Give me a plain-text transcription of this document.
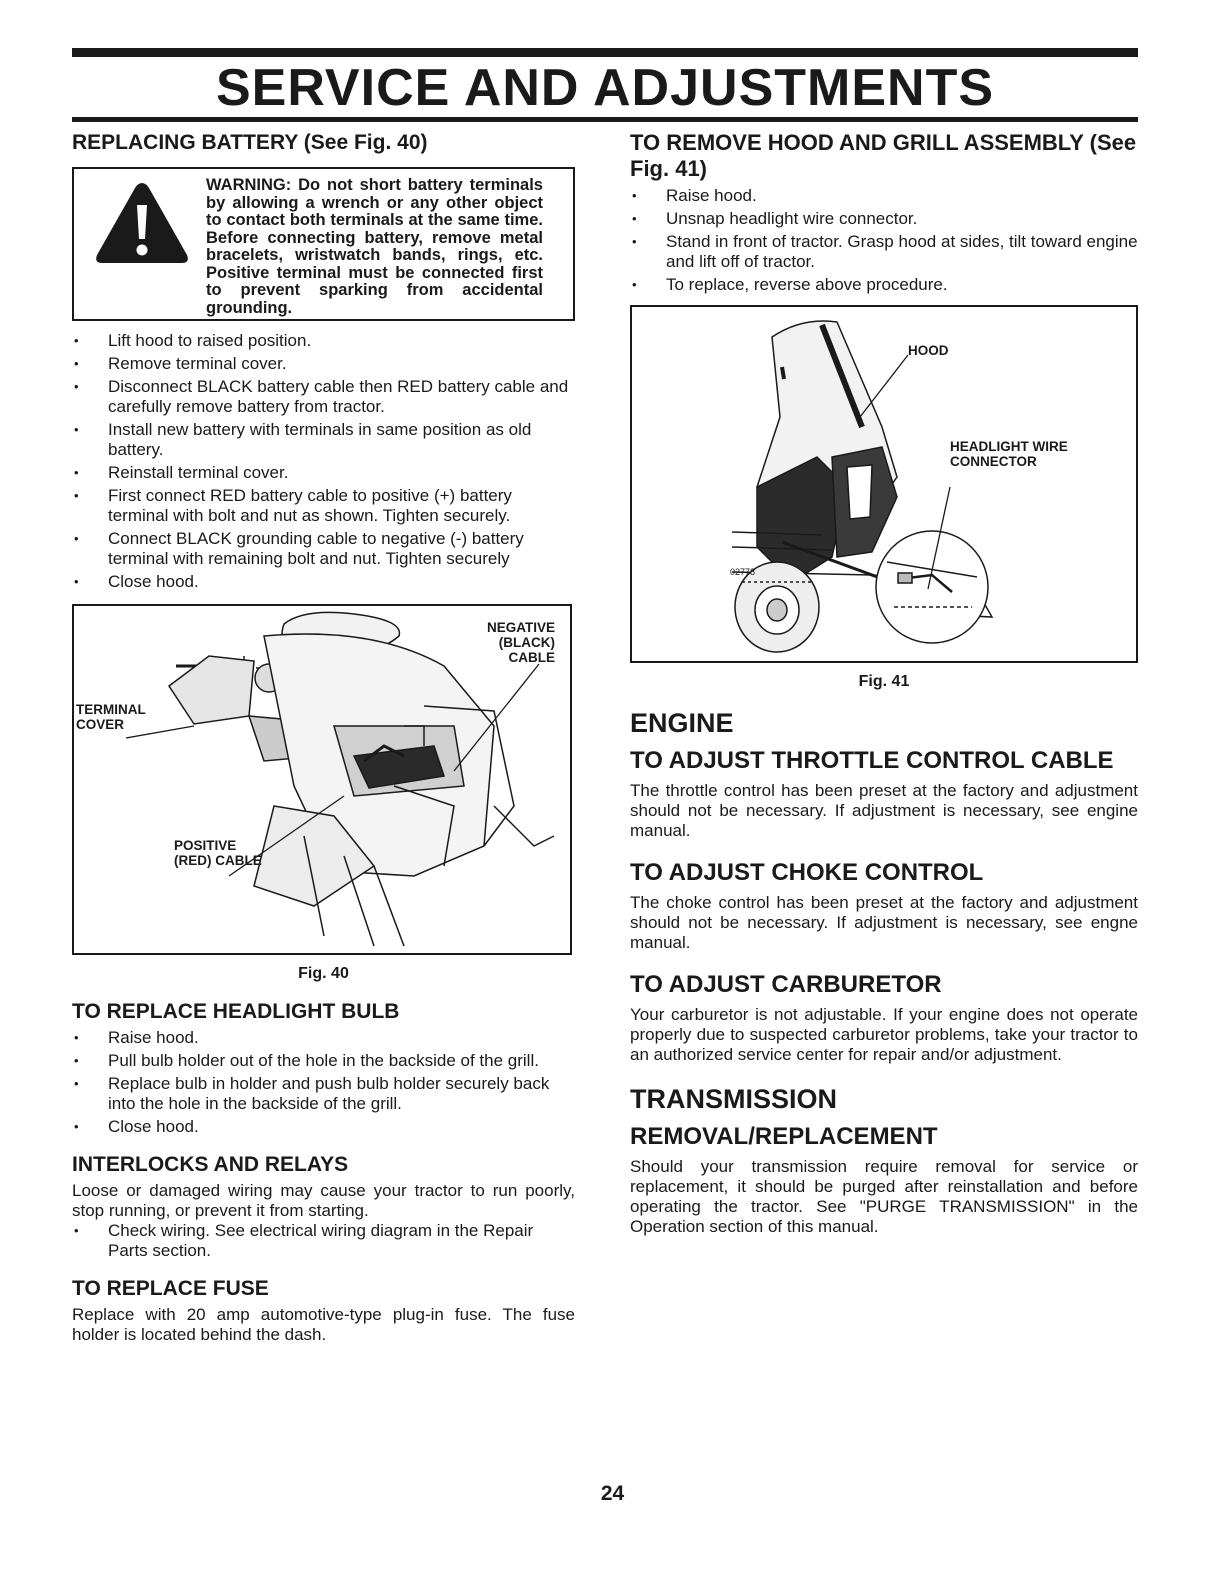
SERVICE AND ADJUSTMENTS
REPLACING BATTERY (See Fig. 40)
WARNING: Do not short battery terminals by allowing a wrench or any other object to contact both terminals at the same time. Before connecting battery, remove metal bracelets, wristwatch bands, rings, etc. Positive terminal must be connected first to prevent sparking from accidental grounding.
• Lift hood to raised position.
• Remove terminal cover.
• Disconnect BLACK battery cable then RED battery cable and carefully remove battery from tractor.
• Install new battery with terminals in same position as old battery.
• Reinstall terminal cover.
• First connect RED battery cable to positive (+) battery terminal with bolt and nut as shown. Tighten securely.
• Connect BLACK grounding cable to negative (-) battery terminal with remaining bolt and nut. Tighten securely
• Close hood.
NEGATIVE (BLACK) CABLE
TERMINAL COVER
POSITIVE (RED) CABLE
Fig. 40
TO REPLACE HEADLIGHT BULB
• Raise hood.
• Pull bulb holder out of the hole in the backside of the grill.
• Replace bulb in holder and push bulb holder securely back into the hole in the backside of the grill.
• Close hood.
INTERLOCKS AND RELAYS

Loose or damaged wiring may cause your tractor to run poorly, stop running, or prevent it from starting.

• Check wiring. See electrical wiring diagram in the Repair Parts section.
TO REPLACE FUSE

Replace with 20 amp automotive-type plug-in fuse. The fuse holder is located behind the dash.

TO REMOVE HOOD AND GRILL ASSEMBLY (See Fig. 41)
• Raise hood.
• Unsnap headlight wire connector.
• Stand in front of tractor. Grasp hood at sides, tilt toward engine and lift off of tractor.
• To replace, reverse above procedure.
02778
HOOD
HEADLIGHT WIRE CONNECTOR
Fig. 41
ENGINE
TO ADJUST THROTTLE CONTROL CABLE

The throttle control has been preset at the factory and adjustment should not be necessary. If adjustment is necessary, see engine manual.

TO ADJUST CHOKE CONTROL

The choke control has been preset at the factory and adjustment should not be necessary. If adjustment is necessary, see engne manual.

TO ADJUST CARBURETOR

Your carburetor is not adjustable. If your engine does not operate properly due to suspected carburetor problems, take your tractor to an authorized service center for repair and/or adjustment.

TRANSMISSION
REMOVAL/REPLACEMENT

Should your transmission require removal for service or replacement, it should be purged after reinstallation and before operating the tractor. See "PURGE TRANSMISSION" in the Operation section of this manual.

24
